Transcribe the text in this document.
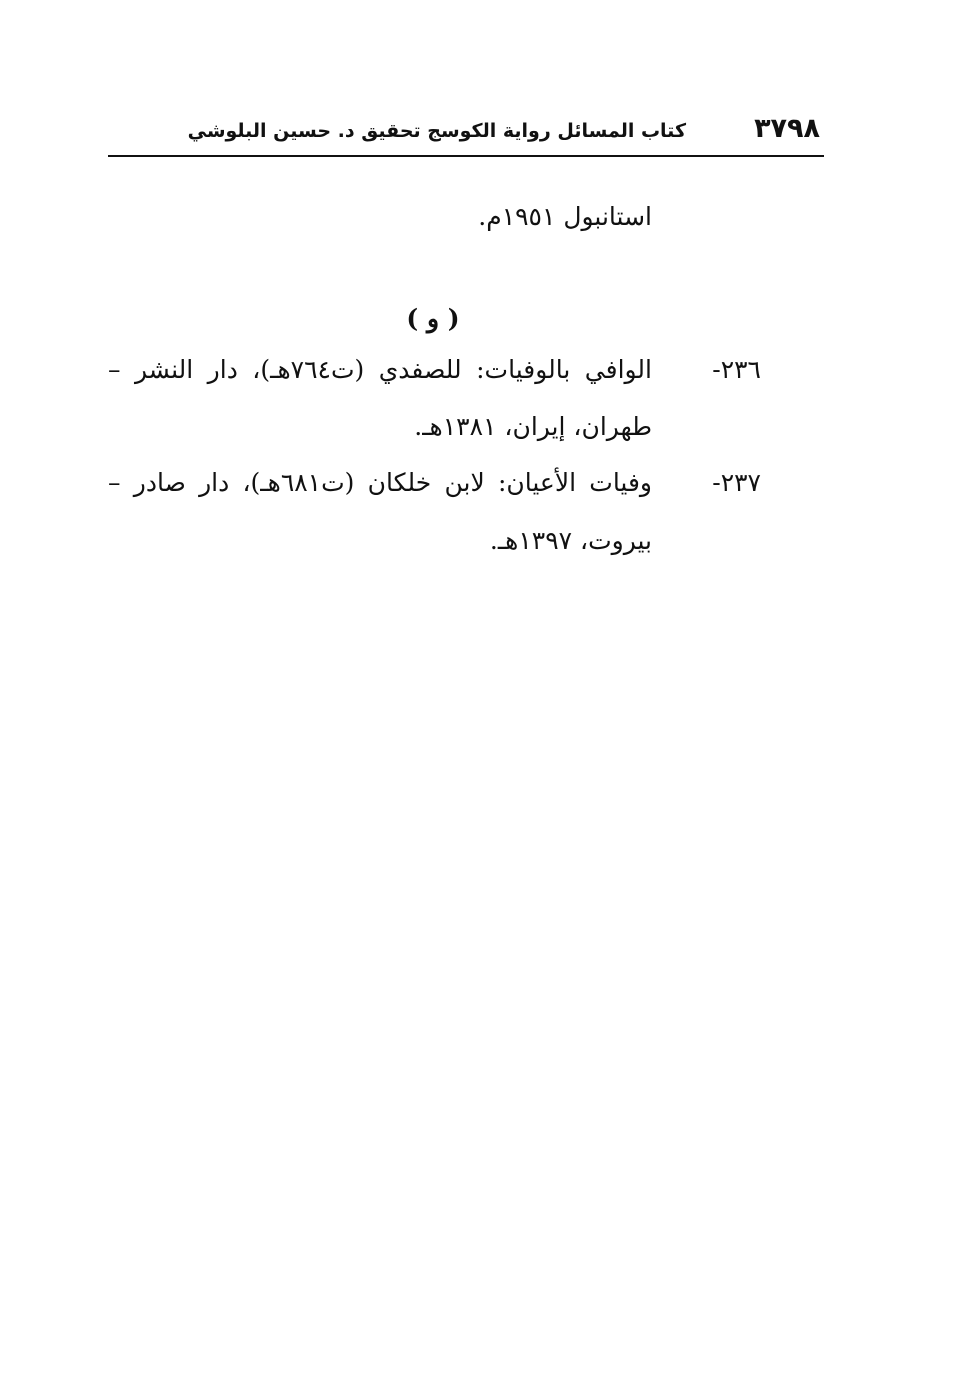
٣٧٩٨
كتاب المسائل رواية الكوسج تحقيق د. حسين البلوشي
استانبول ١٩٥١م.
( و )
٢٣٦-
الوافي بالوفيات: للصفدي (ت٧٦٤هـ)، دار النشر –
طهران، إيران، ١٣٨١هـ.
٢٣٧-
وفيات الأعيان: لابن خلكان (ت٦٨١هـ)، دار صادر –
بيروت، ١٣٩٧هـ.
